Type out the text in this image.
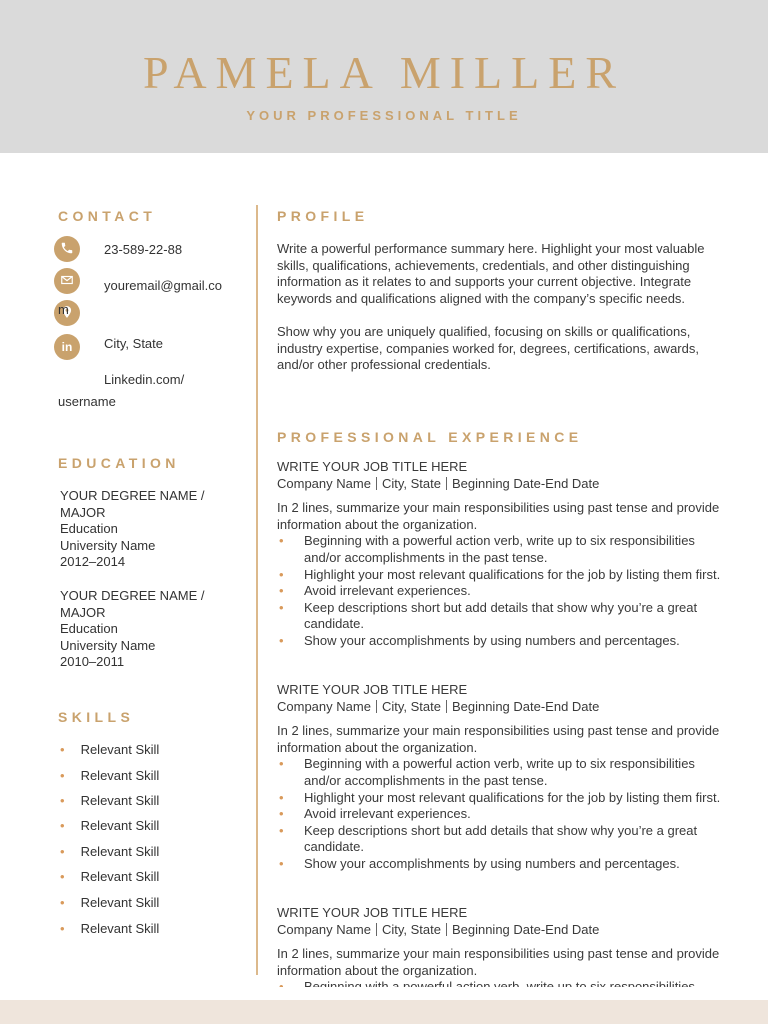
PAMELA MILLER
YOUR PROFESSIONAL TITLE
CONTACT
23-589-22-88
youremail@gmail.co
m
in	City, State
Linkedin.com/
username
EDUCATION
YOUR DEGREE NAME /
MAJOR
Education
University Name
2012–2014
YOUR DEGREE NAME /
MAJOR
Education
University Name
2010–2011
SKILLS
• Relevant Skill
• Relevant Skill
• Relevant Skill
• Relevant Skill
• Relevant Skill
• Relevant Skill
• Relevant Skill
• Relevant Skill
PROFILE
Write a powerful performance summary here. Highlight your most valuable skills, qualifications, achievements, credentials, and other distinguishing information as it relates to and supports your current objective. Integrate keywords and qualifications aligned with the company’s specific needs.
Show why you are uniquely qualified, focusing on skills or qualifications, industry expertise, companies worked for, degrees, certifications, awards, and/or other professional credentials.
PROFESSIONAL EXPERIENCE
WRITE YOUR JOB TITLE HERE
Company Name City, State Beginning Date-End Date
In 2 lines, summarize your main responsibilities using past tense and provide information about the organization.
• Beginning with a powerful action verb, write up to six responsibilities and/or accomplishments in the past tense.
• Highlight your most relevant qualifications for the job by listing them first.
• Avoid irrelevant experiences.
• Keep descriptions short but add details that show why you’re a great candidate.
• Show your accomplishments by using numbers and percentages.
WRITE YOUR JOB TITLE HERE
Company Name City, State Beginning Date-End Date
In 2 lines, summarize your main responsibilities using past tense and provide information about the organization.
• Beginning with a powerful action verb, write up to six responsibilities and/or accomplishments in the past tense.
• Highlight your most relevant qualifications for the job by listing them first.
• Avoid irrelevant experiences.
• Keep descriptions short but add details that show why you’re a great candidate.
• Show your accomplishments by using numbers and percentages.
WRITE YOUR JOB TITLE HERE
Company Name City, State Beginning Date-End Date
In 2 lines, summarize your main responsibilities using past tense and provide information about the organization.
